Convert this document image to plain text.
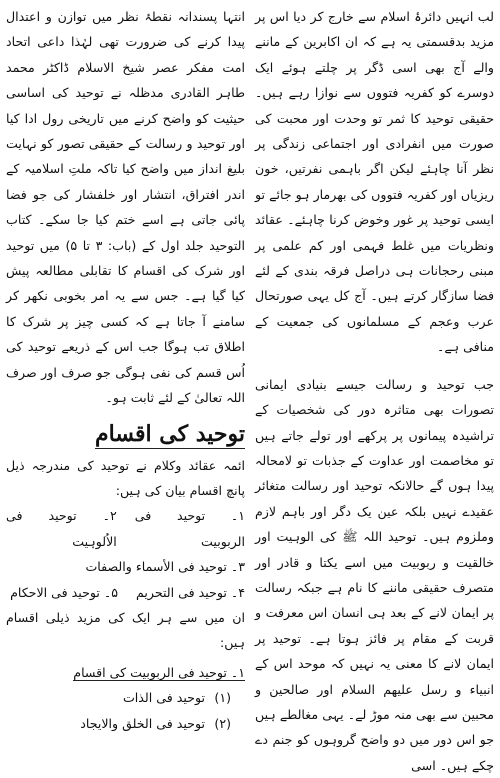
لب انہیں دائرۂ اسلام سے خارج کر دیا اس پر مزید بدقسمتی یہ ہے کہ ان اکابرین کے ماننے والے آج بھی اسی ڈگر پر چلتے ہوئے ایک دوسرے کو کفریہ فتووں سے نوازا رہے ہیں۔ حقیقی توحید کا ثمر تو وحدت اور محبت کی صورت میں انفرادی اور اجتماعی زندگی پر نظر آنا چاہئے لیکن اگر باہمی نفرتیں، خون ریزیاں اور کفریہ فتووں کی بھرمار ہو جائے تو ایسی توحید پر غور وخوض کرنا چاہئے۔ عقائد ونظریات میں غلط فہمی اور کم علمی پر مبنی رحجانات ہی دراصل فرقہ بندی کے لئے فضا سازگار کرتے ہیں۔ آج کل یہی صورتحال عرب وعجم کے مسلمانوں کی جمعیت کے منافی ہے۔

جب توحید و رسالت جیسے بنیادی ایمانی تصورات بھی متاثرہ دور کی شخصیات کے تراشیدہ پیمانوں پر پرکھے اور تولے جاتے ہیں تو مخاصمت اور عداوت کے جذبات تو لامحالہ پیدا ہوں گے حالانکہ توحید اور رسالت متغائر عقیدے نہیں بلکہ عین یک دگر اور باہم لازم وملزوم ہیں۔ توحید اللہ ﷺ کی الوہیت اور خالقیت و ربوبیت میں اسے یکتا و قادر اور متصرف حقیقی ماننے کا نام ہے جبکہ رسالت پر ایمان لانے کے بعد ہی انسان اس معرفت و قربت کے مقام پر فائز ہوتا ہے۔ توحید پر ایمان لانے کا معنی یہ نہیں کہ موحد اس کے انبیاء و رسل علیھم السلام اور صالحین و محبین سے بھی منہ موڑ لے۔ یہی مغالطے ہیں جو اس دور میں دو واضح گروہوں کو جنم دے چکے ہیں۔ اسی

انتہا پسندانہ نقطۂ نظر میں توازن و اعتدال پیدا کرنے کی ضرورت تھی لہٰذا داعی اتحاد امت مفکر عصر شیخ الاسلام ڈاکٹر محمد طاہر القادری مدظلہ نے توحید کی اساسی حیثیت کو واضح کرنے میں تاریخی رول ادا کیا اور توحید و رسالت کے حقیقی تصور کو نہایت بلیغ انداز میں واضح کیا تاکہ ملتِ اسلامیہ کے اندر افتراق، انتشار اور خلفشار کی جو فضا پائی جاتی ہے اسے ختم کیا جا سکے۔ کتاب التوحید جلد اول کے (باب: ۳ تا ۵) میں توحید اور شرک کی اقسام کا تقابلی مطالعہ پیش کیا گیا ہے۔ جس سے یہ امر بخوبی نکھر کر سامنے آ جاتا ہے کہ کسی چیز پر شرک کا اطلاق تب ہوگا جب اس کے ذریعے توحید کی اُس قسم کی نفی ہوگی جو صرف اور صرف اللہ تعالیٰ کے لئے ثابت ہو۔

توحید کی اقسام

ائمہ عقائد وکلام نے توحید کی مندرجہ ذیل پانچ اقسام بیان کی ہیں:

۱۔ توحید فی الربوبیت
۲۔ توحید فی الاُلوہیت
۳۔ توحید فی الأسماء والصفات
۴۔ توحید فی التحریم
۵۔ توحید فی الاحکام

ان میں سے ہر ایک کی مزید ذیلی اقسام ہیں:

۱۔ توحید فی الربوبیت کی اقسام
(۱) توحید فی الذات
(۲) توحید فی الخلق والایجاد
